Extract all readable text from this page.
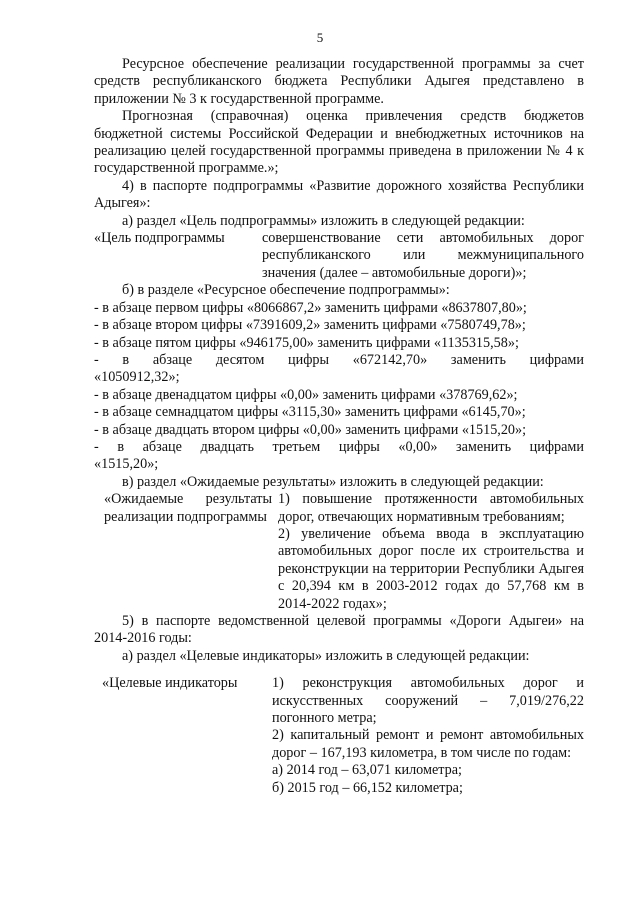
5

Ресурсное обеспечение реализации государственной программы за счет средств республиканского бюджета Республики Адыгея представлено в приложении № 3 к государственной программе.

Прогнозная (справочная) оценка привлечения средств бюджетов бюджетной системы Российской Федерации и внебюджетных источников на реализацию целей государственной программы приведена в приложении № 4 к государственной программе.»;

4) в паспорте подпрограммы «Развитие дорожного хозяйства Республики Адыгея»:

а) раздел «Цель подпрограммы» изложить в следующей редакции:

«Цель подпрограммы	совершенствование сети автомобильных дорог республиканского или межмуниципального значения (далее – автомобильные дороги)»;

б) в разделе «Ресурсное обеспечение подпрограммы»:

- в абзаце первом цифры «8066867,2» заменить цифрами «8637807,80»;

- в абзаце втором цифры «7391609,2» заменить цифрами «7580749,78»;

- в абзаце пятом цифры «946175,00» заменить цифрами «1135315,58»;

- в абзаце десятом цифры «672142,70» заменить цифрами

«1050912,32»;

- в абзаце двенадцатом цифры «0,00» заменить цифрами «378769,62»;

- в абзаце семнадцатом цифры «3115,30» заменить цифрами «6145,70»;

- в абзаце двадцать втором цифры «0,00» заменить цифрами «1515,20»;

- в абзаце двадцать третьем цифры «0,00» заменить цифрами

«1515,20»;

в) раздел «Ожидаемые результаты» изложить в следующей редакции:

«Ожидаемые результаты реализации подпрограммы

1) повышение протяженности автомобильных дорог, отвечающих нормативным требованиям;

2) увеличение объема ввода в эксплуатацию автомобильных дорог после их строительства и реконструкции на территории Республики Адыгея с 20,394 км в 2003-2012 годах до 57,768 км в 2014-2022 годах»;

5) в паспорте ведомственной целевой программы «Дороги Адыгеи» на 2014-2016 годы:

а) раздел «Целевые индикаторы» изложить в следующей редакции:

«Целевые индикаторы	1) реконструкция автомобильных дорог и искусственных сооружений – 7,019/276,22 погонного метра;

2) капитальный ремонт и ремонт автомобильных дорог – 167,193 километра, в том числе по годам:

а) 2014 год – 63,071 километра;

б) 2015 год – 66,152 километра;
